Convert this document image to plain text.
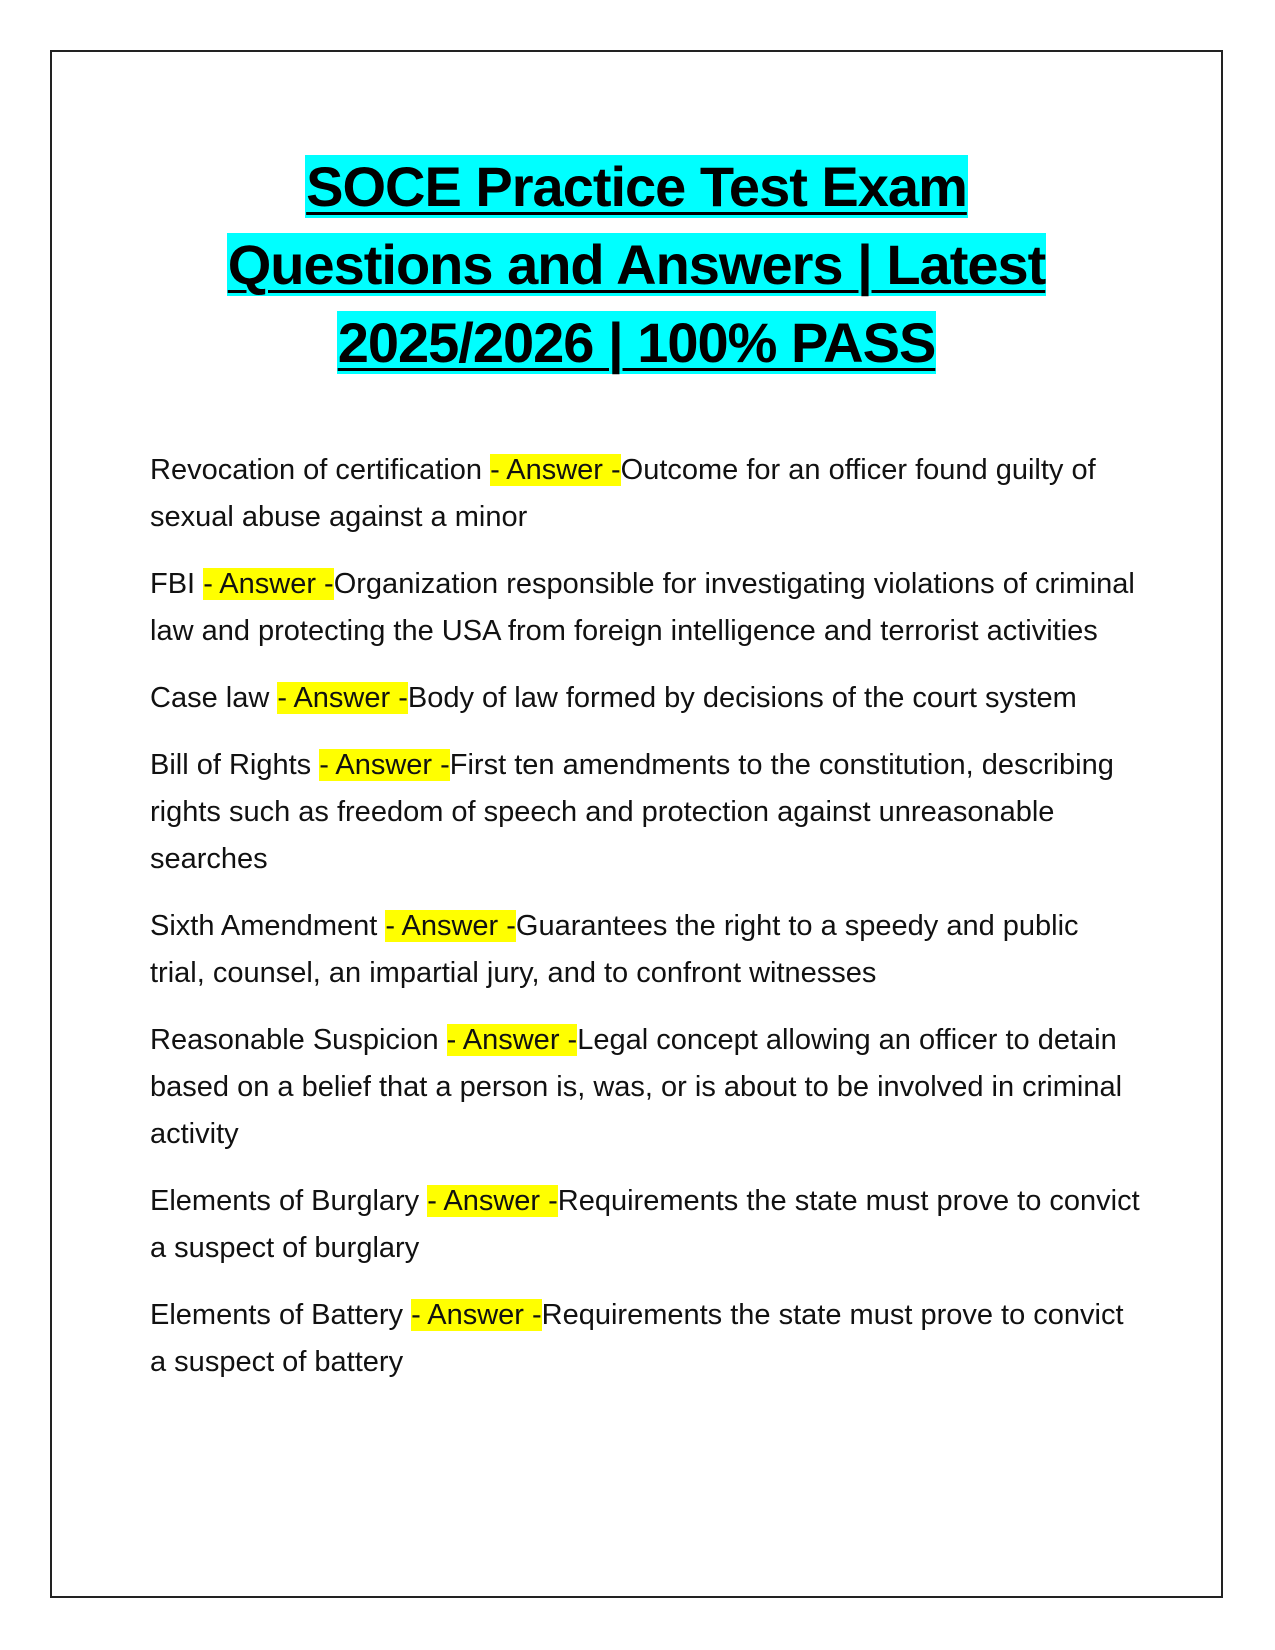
SOCE Practice Test Exam
Questions and Answers | Latest
2025/2026 | 100% PASS

Revocation of certification - Answer -Outcome for an officer found guilty of sexual abuse against a minor

FBI - Answer -Organization responsible for investigating violations of criminal law and protecting the USA from foreign intelligence and terrorist activities

Case law - Answer -Body of law formed by decisions of the court system

Bill of Rights - Answer -First ten amendments to the constitution, describing rights such as freedom of speech and protection against unreasonable searches

Sixth Amendment - Answer -Guarantees the right to a speedy and public trial, counsel, an impartial jury, and to confront witnesses

Reasonable Suspicion - Answer -Legal concept allowing an officer to detain based on a belief that a person is, was, or is about to be involved in criminal activity

Elements of Burglary - Answer -Requirements the state must prove to convict a suspect of burglary

Elements of Battery - Answer -Requirements the state must prove to convict a suspect of battery
